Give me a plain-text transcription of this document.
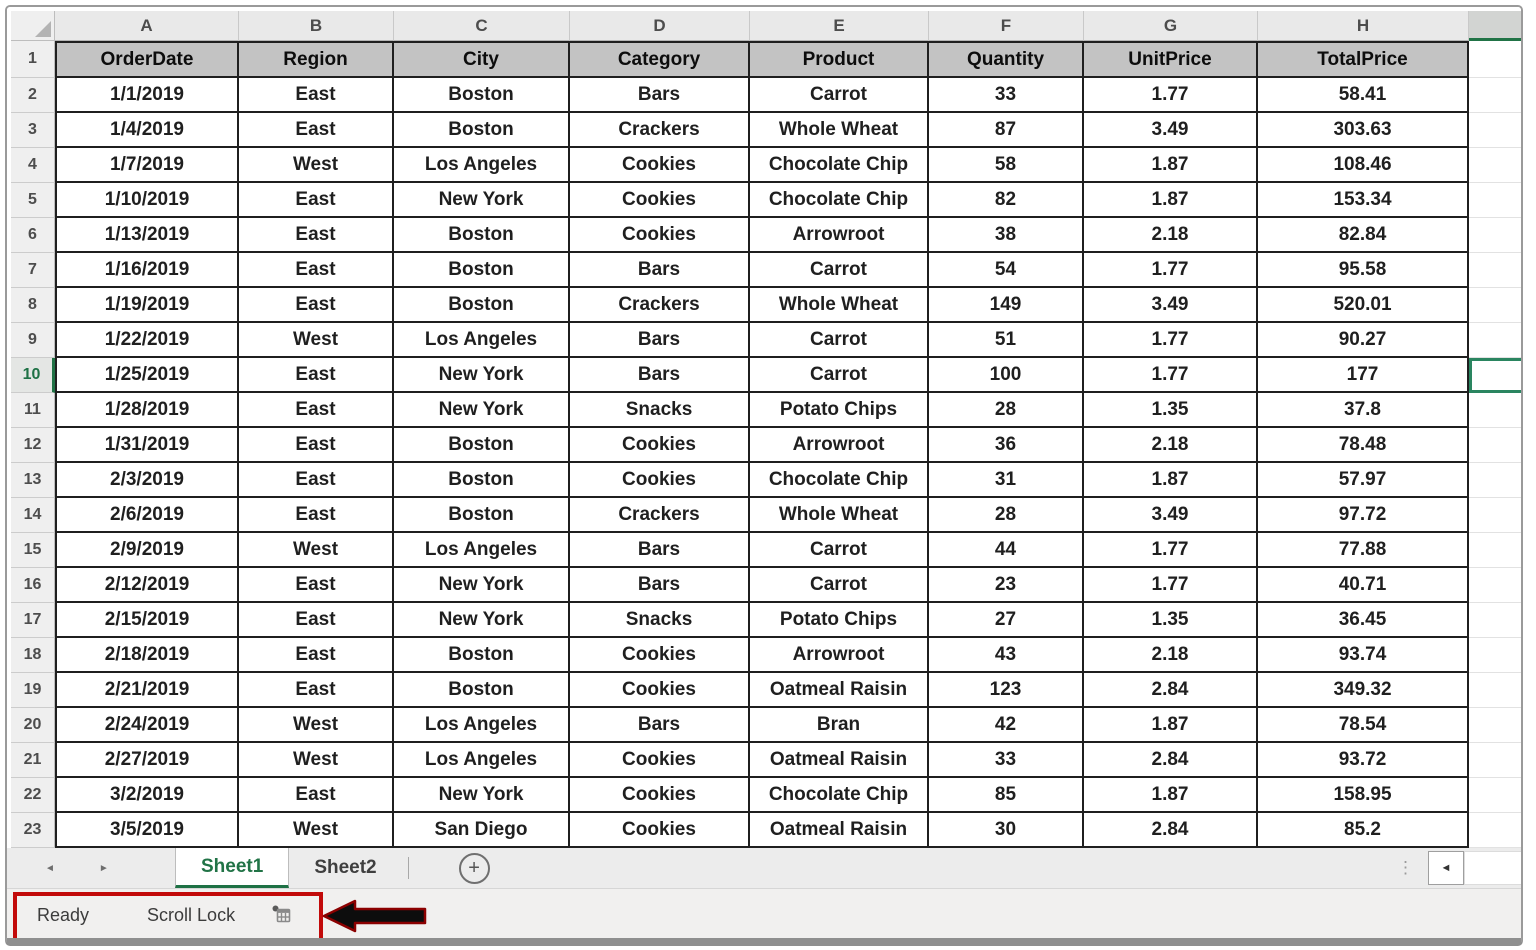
A	B	C	D	E	F	G	H
1	OrderDate	Region	City	Category	Product	Quantity	UnitPrice	TotalPrice
2	1/1/2019	East	Boston	Bars	Carrot	33	1.77	58.41
3	1/4/2019	East	Boston	Crackers	Whole Wheat	87	3.49	303.63
4	1/7/2019	West	Los Angeles	Cookies	Chocolate Chip	58	1.87	108.46
5	1/10/2019	East	New York	Cookies	Chocolate Chip	82	1.87	153.34
6	1/13/2019	East	Boston	Cookies	Arrowroot	38	2.18	82.84
7	1/16/2019	East	Boston	Bars	Carrot	54	1.77	95.58
8	1/19/2019	East	Boston	Crackers	Whole Wheat	149	3.49	520.01
9	1/22/2019	West	Los Angeles	Bars	Carrot	51	1.77	90.27
10	1/25/2019	East	New York	Bars	Carrot	100	1.77	177
11	1/28/2019	East	New York	Snacks	Potato Chips	28	1.35	37.8
12	1/31/2019	East	Boston	Cookies	Arrowroot	36	2.18	78.48
13	2/3/2019	East	Boston	Cookies	Chocolate Chip	31	1.87	57.97
14	2/6/2019	East	Boston	Crackers	Whole Wheat	28	3.49	97.72
15	2/9/2019	West	Los Angeles	Bars	Carrot	44	1.77	77.88
16	2/12/2019	East	New York	Bars	Carrot	23	1.77	40.71
17	2/15/2019	East	New York	Snacks	Potato Chips	27	1.35	36.45
18	2/18/2019	East	Boston	Cookies	Arrowroot	43	2.18	93.74
19	2/21/2019	East	Boston	Cookies	Oatmeal Raisin	123	2.84	349.32
20	2/24/2019	West	Los Angeles	Bars	Bran	42	1.87	78.54
21	2/27/2019	West	Los Angeles	Cookies	Oatmeal Raisin	33	2.84	93.72
22	3/2/2019	East	New York	Cookies	Chocolate Chip	85	1.87	158.95
23	3/5/2019	West	San Diego	Cookies	Oatmeal Raisin	30	2.84	85.2
◄	►	Sheet1	Sheet2	+	⋮ ◄
Ready	Scroll Lock
